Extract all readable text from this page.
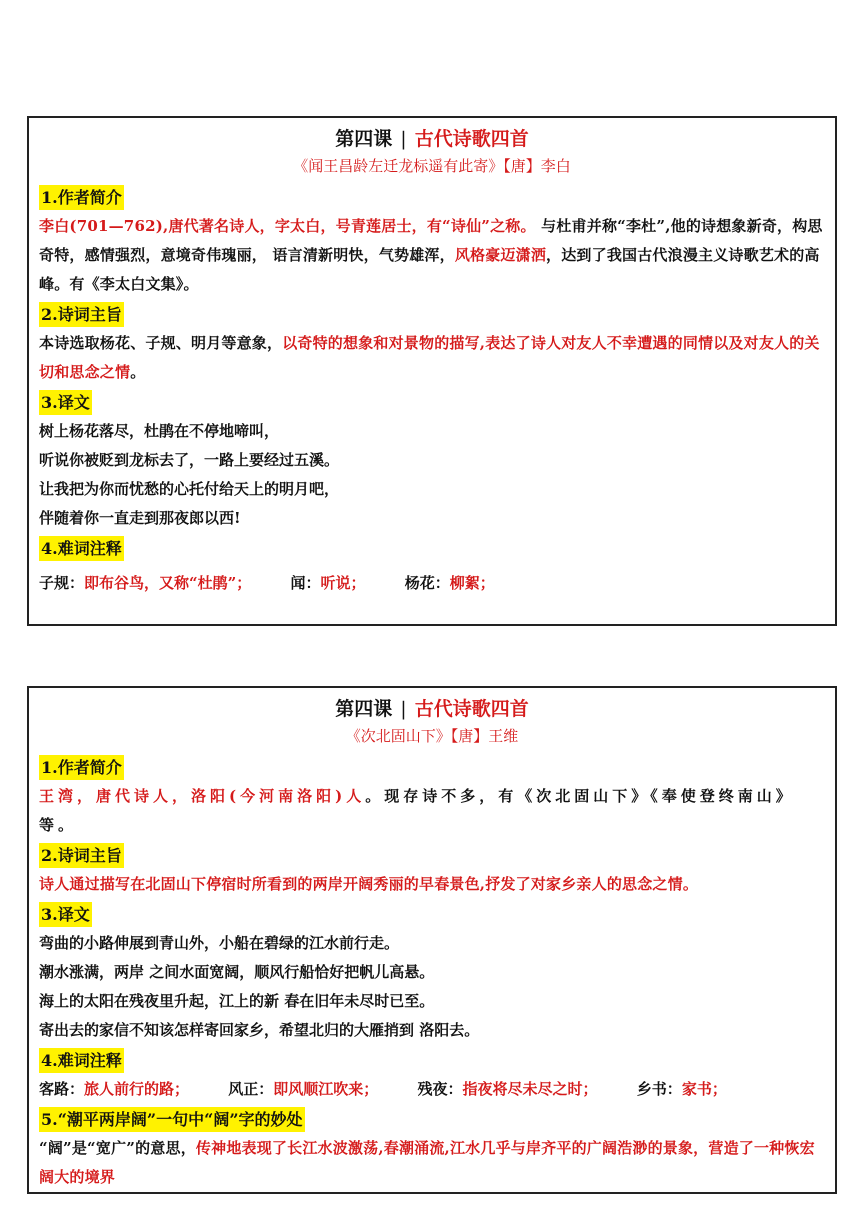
第四课 | 古代诗歌四首
《闻王昌龄左迁龙标遥有此寄》【唐】李白
1.作者简介
李白(701—762),唐代著名诗人，字太白，号青莲居士，有“诗仙”之称。 与杜甫并称“李杜”,他的诗想象新奇，构思奇特，感情强烈，意境奇伟瑰丽， 语言清新明快，气势雄浑，风格豪迈潇洒，达到了我国古代浪漫主义诗歌艺术的高峰。有《李太白文集》。
2.诗词主旨
本诗选取杨花、子规、明月等意象，以奇特的想象和对景物的描写,表达了诗人对友人不幸遭遇的同情以及对友人的关切和思念之情。
3.译文
树上杨花落尽，杜鹃在不停地啼叫，
听说你被贬到龙标去了，一路上要经过五溪。
让我把为你而忧愁的心托付给天上的明月吧，
伴随着你一直走到那夜郎以西!
4.难词注释
子规：即布谷鸟，又称“杜鹃”；	闻：听说；	杨花：柳絮；
第四课 | 古代诗歌四首
《次北固山下》【唐】王维
1.作者简介
王湾，唐代诗人，洛阳(今河南洛阳)人。现存诗不多，有《次北固山下》《奉使登终南山》等。
2.诗词主旨
诗人通过描写在北固山下停宿时所看到的两岸开阔秀丽的早春景色,抒发了对家乡亲人的思念之情。
3.译文
弯曲的小路伸展到青山外，小船在碧绿的江水前行走。
潮水涨满，两岸 之间水面宽阔，顺风行船恰好把帆儿高悬。
海上的太阳在残夜里升起，江上的新 春在旧年未尽时已至。
寄出去的家信不知该怎样寄回家乡，希望北归的大雁捎到 洛阳去。
4.难词注释
客路：旅人前行的路；	风正：即风顺江吹来；	残夜：指夜将尽未尽之时；	乡书：家书；
5.“潮平两岸阔”一句中“阔”字的妙处
“阔”是“宽广”的意思，传神地表现了长江水波激荡,春潮涌流,江水几乎与岸齐平的广阔浩渺的景象，营造了一种恢宏阔大的境界
